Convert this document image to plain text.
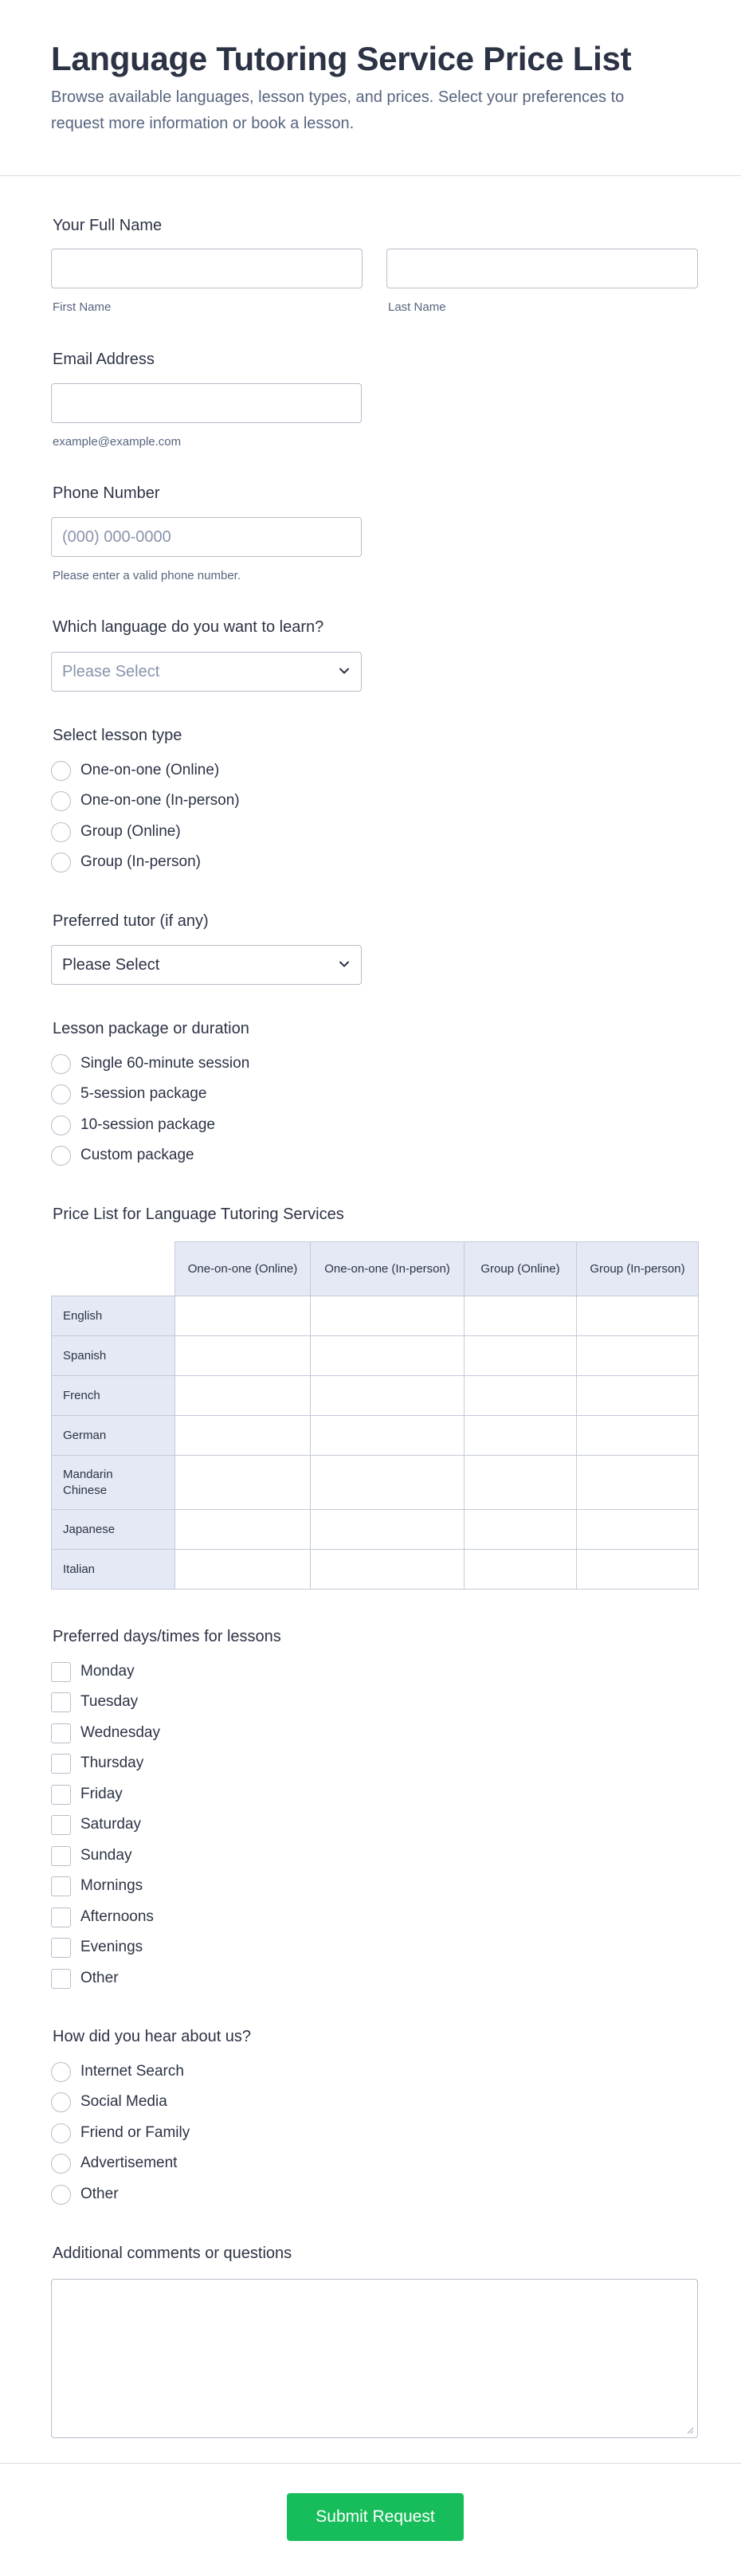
Language Tutoring Service Price List
Browse available languages, lesson types, and prices. Select your preferences to request more information or book a lesson.
Your Full Name
First Name	Last Name
Email Address
example@example.com
Phone Number
(000) 000-0000
Please enter a valid phone number.
Which language do you want to learn?
Please Select
Select lesson type
One-on-one (Online)
One-on-one (In-person)
Group (Online)
Group (In-person)
Preferred tutor (if any)
Please Select
Lesson package or duration
Single 60-minute session
5-session package
10-session package
Custom package
Price List for Language Tutoring Services
	One-on-one (Online)	One-on-one (In-person)	Group (Online)	Group (In-person)
English				
Spanish				
French				
German				
Mandarin Chinese				
Japanese				
Italian				
Preferred days/times for lessons
Monday
Tuesday
Wednesday
Thursday
Friday
Saturday
Sunday
Mornings
Afternoons
Evenings
Other
How did you hear about us?
Internet Search
Social Media
Friend or Family
Advertisement
Other
Additional comments or questions
Submit Request
